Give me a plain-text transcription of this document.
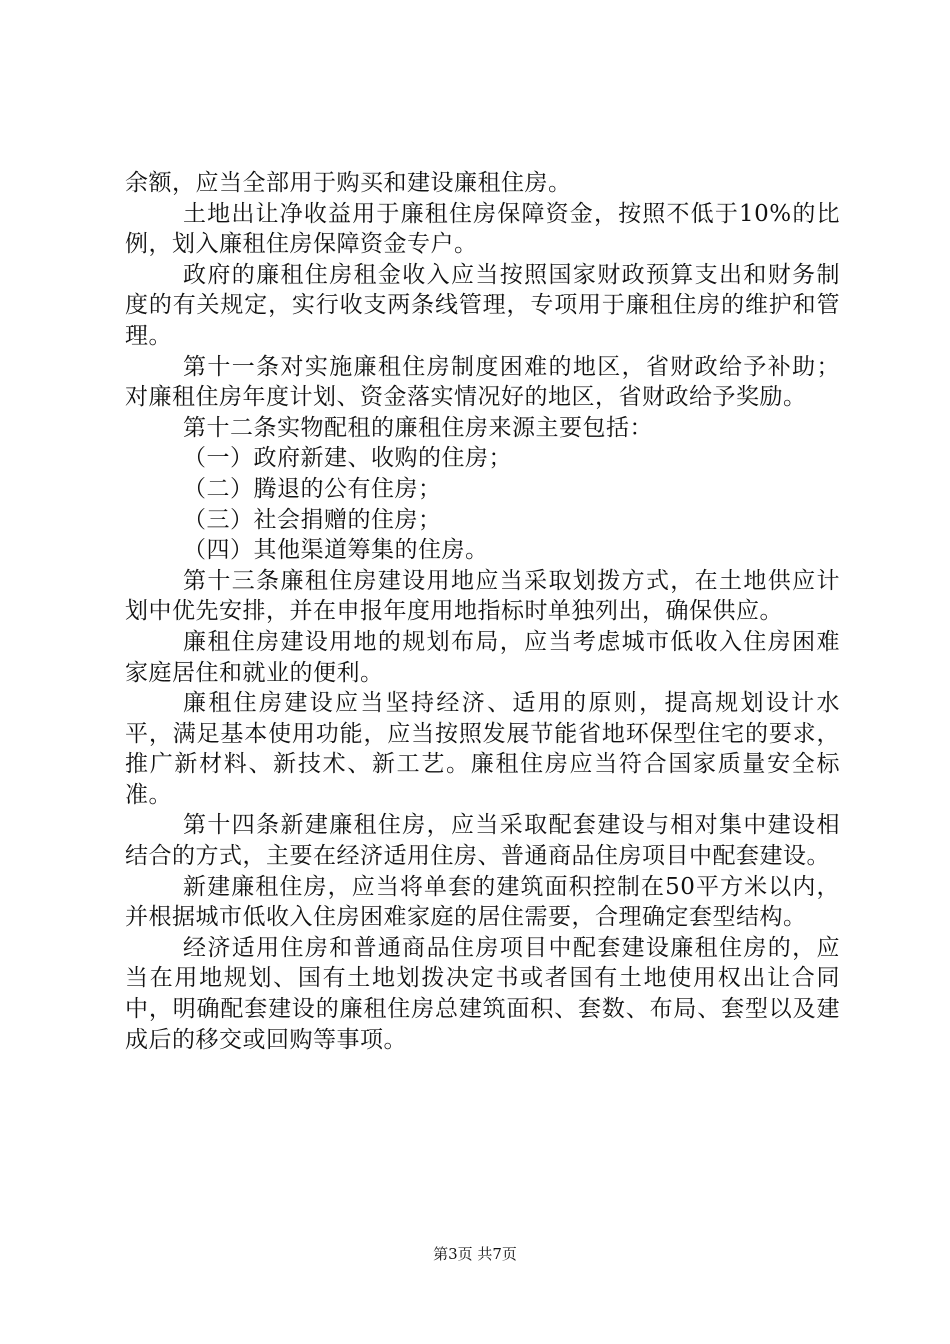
余额，应当全部用于购买和建设廉租住房。

土地出让净收益用于廉租住房保障资金，按照不低于10%的比例，划入廉租住房保障资金专户。

政府的廉租住房租金收入应当按照国家财政预算支出和财务制度的有关规定，实行收支两条线管理，专项用于廉租住房的维护和管理。

第十一条对实施廉租住房制度困难的地区，省财政给予补助；对廉租住房年度计划、资金落实情况好的地区，省财政给予奖励。

第十二条实物配租的廉租住房来源主要包括：

（一）政府新建、收购的住房；

（二）腾退的公有住房；

（三）社会捐赠的住房；

（四）其他渠道筹集的住房。

第十三条廉租住房建设用地应当采取划拨方式，在土地供应计划中优先安排，并在申报年度用地指标时单独列出，确保供应。

廉租住房建设用地的规划布局，应当考虑城市低收入住房困难家庭居住和就业的便利。

廉租住房建设应当坚持经济、适用的原则，提高规划设计水平，满足基本使用功能，应当按照发展节能省地环保型住宅的要求，推广新材料、新技术、新工艺。廉租住房应当符合国家质量安全标准。

第十四条新建廉租住房，应当采取配套建设与相对集中建设相结合的方式，主要在经济适用住房、普通商品住房项目中配套建设。

新建廉租住房，应当将单套的建筑面积控制在50平方米以内，并根据城市低收入住房困难家庭的居住需要，合理确定套型结构。

经济适用住房和普通商品住房项目中配套建设廉租住房的，应当在用地规划、国有土地划拨决定书或者国有土地使用权出让合同中，明确配套建设的廉租住房总建筑面积、套数、布局、套型以及建成后的移交或回购等事项。

第3页 共7页
